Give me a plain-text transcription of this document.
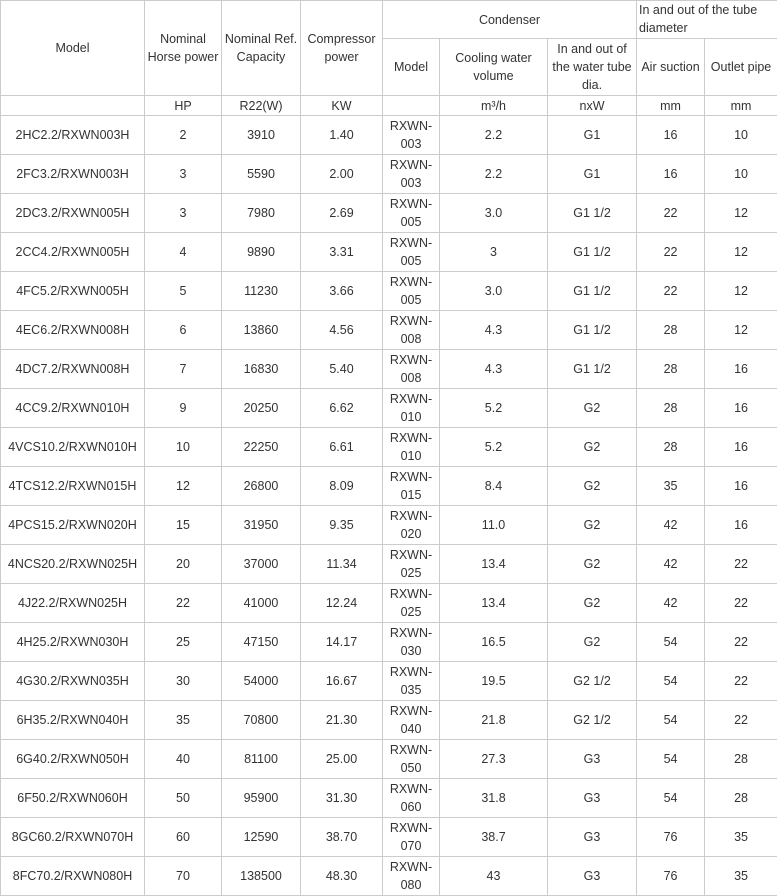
Model	Nominal Horse power	Nominal Ref. Capacity	Compressor power	Condenser			In and out of the tube diameter	
				Model	Cooling water volume	In and out of the water tube dia.	Air suction	Outlet pipe
	HP	R22(W)	KW		m³/h	nxW	mm	mm
2HC2.2/RXWN003H	2	3910	1.40	RXWN-003	2.2	G1	16	10
2FC3.2/RXWN003H	3	5590	2.00	RXWN-003	2.2	G1	16	10
2DC3.2/RXWN005H	3	7980	2.69	RXWN-005	3.0	G1 1/2	22	12
2CC4.2/RXWN005H	4	9890	3.31	RXWN-005	3	G1 1/2	22	12
4FC5.2/RXWN005H	5	11230	3.66	RXWN-005	3.0	G1 1/2	22	12
4EC6.2/RXWN008H	6	13860	4.56	RXWN-008	4.3	G1 1/2	28	12
4DC7.2/RXWN008H	7	16830	5.40	RXWN-008	4.3	G1 1/2	28	16
4CC9.2/RXWN010H	9	20250	6.62	RXWN-010	5.2	G2	28	16
4VCS10.2/RXWN010H	10	22250	6.61	RXWN-010	5.2	G2	28	16
4TCS12.2/RXWN015H	12	26800	8.09	RXWN-015	8.4	G2	35	16
4PCS15.2/RXWN020H	15	31950	9.35	RXWN-020	11.0	G2	42	16
4NCS20.2/RXWN025H	20	37000	11.34	RXWN-025	13.4	G2	42	22
4J22.2/RXWN025H	22	41000	12.24	RXWN-025	13.4	G2	42	22
4H25.2/RXWN030H	25	47150	14.17	RXWN-030	16.5	G2	54	22
4G30.2/RXWN035H	30	54000	16.67	RXWN-035	19.5	G2 1/2	54	22
6H35.2/RXWN040H	35	70800	21.30	RXWN-040	21.8	G2 1/2	54	22
6G40.2/RXWN050H	40	81100	25.00	RXWN-050	27.3	G3	54	28
6F50.2/RXWN060H	50	95900	31.30	RXWN-060	31.8	G3	54	28
8GC60.2/RXWN070H	60	12590	38.70	RXWN-070	38.7	G3	76	35
8FC70.2/RXWN080H	70	138500	48.30	RXWN-080	43	G3	76	35
